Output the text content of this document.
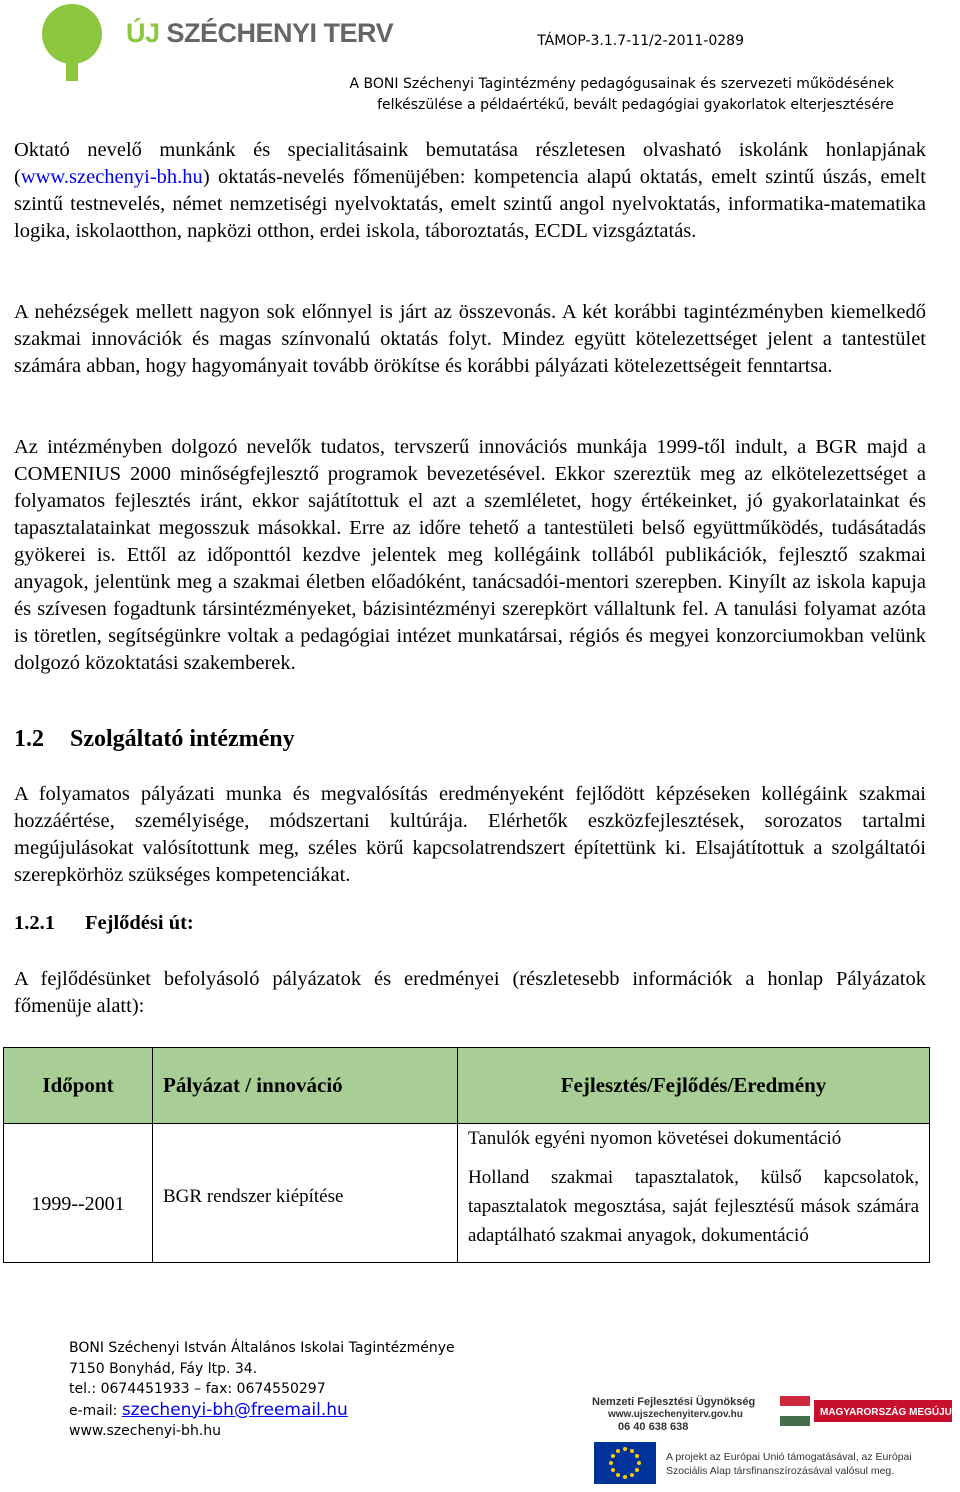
ÚJ SZÉCHENYI TERV	TÁMOP-3.1.7-11/2-2011-0289
A BONI Széchenyi Tagintézmény pedagógusainak és szervezeti működésének
felkészülése a példaértékű, bevált pedagógiai gyakorlatok elterjesztésére
Oktató nevelő munkánk és specialitásaink bemutatása részletesen olvasható iskolánk honlapjának (www.szechenyi-bh.hu) oktatás-nevelés főmenüjében: kompetencia alapú oktatás, emelt szintű úszás, emelt szintű testnevelés, német nemzetiségi nyelvoktatás, emelt szintű angol nyelvoktatás, informatika-matematika logika, iskolaotthon, napközi otthon, erdei iskola, táboroztatás, ECDL vizsgáztatás.
A nehézségek mellett nagyon sok előnnyel is járt az összevonás. A két korábbi tagintézményben kiemelkedő szakmai innovációk és magas színvonalú oktatás folyt. Mindez együtt kötelezettséget jelent a tantestület számára abban, hogy hagyományait tovább örökítse és korábbi pályázati kötelezettségeit fenntartsa.
Az intézményben dolgozó nevelők tudatos, tervszerű innovációs munkája 1999-től indult, a BGR majd a COMENIUS 2000 minőségfejlesztő programok bevezetésével. Ekkor szereztük meg az elkötelezettséget a folyamatos fejlesztés iránt, ekkor sajátítottuk el azt a szemléletet, hogy értékeinket, jó gyakorlatainkat és tapasztalatainkat megosszuk másokkal. Erre az időre tehető a tantestületi belső együttműködés, tudásátadás gyökerei is. Ettől az időponttól kezdve jelentek meg kollégáink tollából publikációk, fejlesztő szakmai anyagok, jelentünk meg a szakmai életben előadóként, tanácsadói-mentori szerepben. Kinyílt az iskola kapuja és szívesen fogadtunk társintézményeket, bázisintézményi szerepkört vállaltunk fel. A tanulási folyamat azóta is töretlen, segítségünkre voltak a pedagógiai intézet munkatársai, régiós és megyei konzorciumokban velünk dolgozó közoktatási szakemberek.
1.2 Szolgáltató intézmény
A folyamatos pályázati munka és megvalósítás eredményeként fejlődött képzéseken kollégáink szakmai hozzáértése, személyisége, módszertani kultúrája. Elérhetők eszközfejlesztések, sorozatos tartalmi megújulásokat valósítottunk meg, széles körű kapcsolatrendszert építettünk ki. Elsajátítottuk a szolgáltatói szerepkörhöz szükséges kompetenciákat.
1.2.1 Fejlődési út:
A fejlődésünket befolyásoló pályázatok és eredményei (részletesebb információk a honlap Pályázatok főmenüje alatt):
Időpont	Pályázat / innováció	Fejlesztés/Fejlődés/Eredmény
1999--2001	BGR rendszer kiépítése	Tanulók egyéni nyomon követései dokumentáció
Holland szakmai tapasztalatok, külső kapcsolatok, tapasztalatok megosztása, saját fejlesztésű mások számára adaptálható szakmai anyagok, dokumentáció
BONI Széchenyi István Általános Iskolai Tagintézménye
7150 Bonyhád, Fáy ltp. 34.
tel.: 0674451933 – fax: 0674550297
e-mail: szechenyi-bh@freemail.hu
www.szechenyi-bh.hu
Nemzeti Fejlesztési Ügynökség
www.ujszechenyiterv.gov.hu
06 40 638 638
MAGYARORSZÁG MEGÚJUL
A projekt az Európai Unió támogatásával, az Európai
Szociális Alap társfinanszírozásával valósul meg.
